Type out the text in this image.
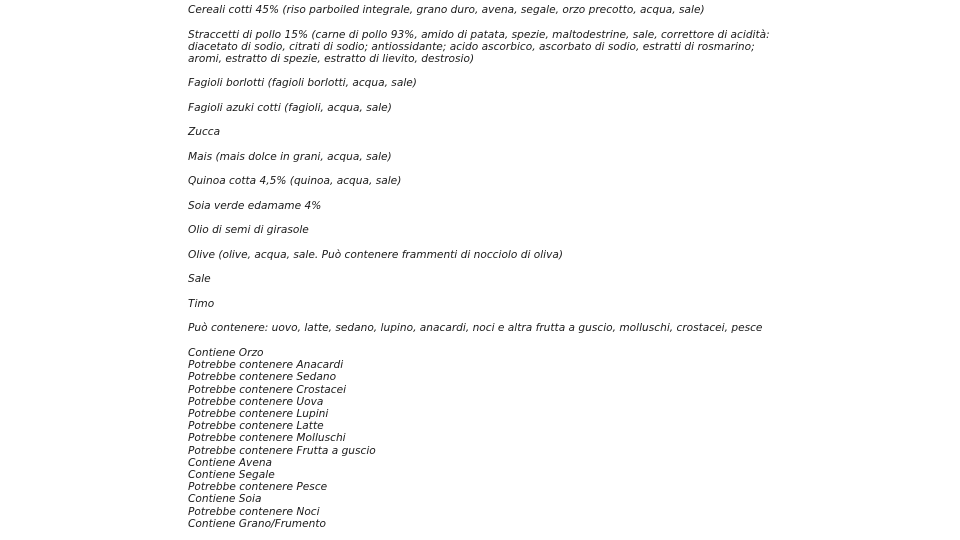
Cereali cotti 45% (riso parboiled integrale, grano duro, avena, segale, orzo precotto, acqua, sale)

Straccetti di pollo 15% (carne di pollo 93%, amido di patata, spezie, maltodestrine, sale, correttore di acidità: diacetato di sodio, citrati di sodio; antiossidante; acido ascorbico, ascorbato di sodio, estratti di rosmarino; aromi, estratto di spezie, estratto di lievito, destrosio)

Fagioli borlotti (fagioli borlotti, acqua, sale)

Fagioli azuki cotti (fagioli, acqua, sale)

Zucca

Mais (mais dolce in grani, acqua, sale)

Quinoa cotta 4,5% (quinoa, acqua, sale)

Soia verde edamame 4%

Olio di semi di girasole

Olive (olive, acqua, sale. Può contenere frammenti di nocciolo di oliva)

Sale

Timo

Può contenere: uovo, latte, sedano, lupino, anacardi, noci e altra frutta a guscio, molluschi, crostacei, pesce

Contiene Orzo
Potrebbe contenere Anacardi
Potrebbe contenere Sedano
Potrebbe contenere Crostacei
Potrebbe contenere Uova
Potrebbe contenere Lupini
Potrebbe contenere Latte
Potrebbe contenere Molluschi
Potrebbe contenere Frutta a guscio
Contiene Avena
Contiene Segale
Potrebbe contenere Pesce
Contiene Soia
Potrebbe contenere Noci
Contiene Grano/Frumento
